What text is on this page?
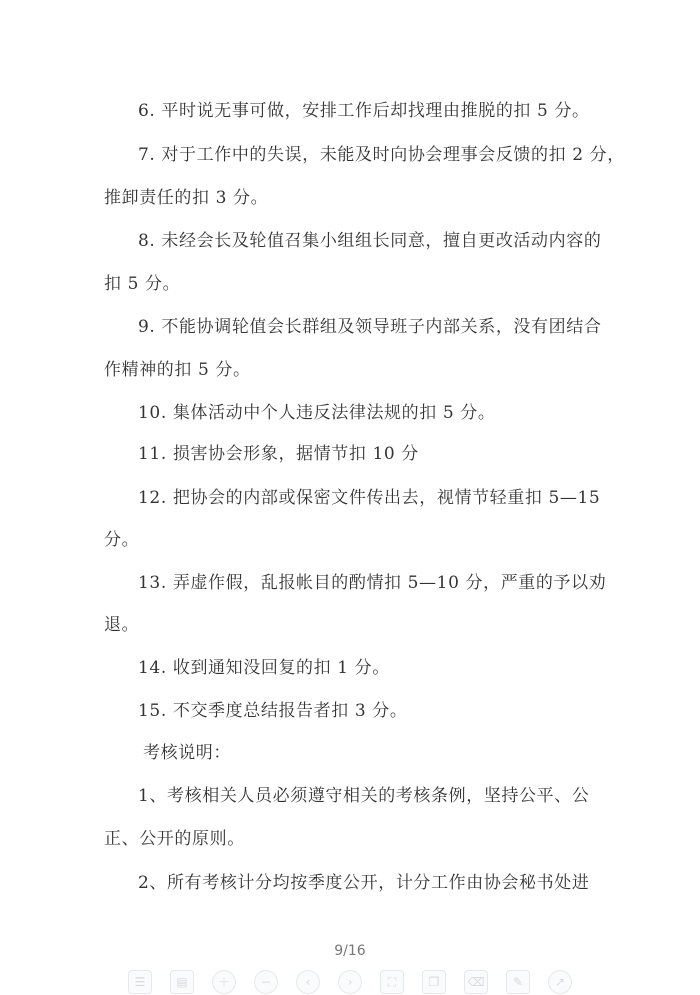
6. 平时说无事可做，安排工作后却找理由推脱的扣 5 分。
7. 对于工作中的失误，未能及时向协会理事会反馈的扣 2 分，
推卸责任的扣 3 分。
8. 未经会长及轮值召集小组组长同意，擅自更改活动内容的
扣 5 分。
9. 不能协调轮值会长群组及领导班子内部关系，没有团结合
作精神的扣 5 分。
10. 集体活动中个人违反法律法规的扣 5 分。
11. 损害协会形象，据情节扣 10 分
12. 把协会的内部或保密文件传出去，视情节轻重扣 5—15
分。
13. 弄虚作假，乱报帐目的酌情扣 5—10 分，严重的予以劝
退。
14. 收到通知没回复的扣 1 分。
15. 不交季度总结报告者扣 3 分。
考核说明：
1、考核相关人员必须遵守相关的考核条例，坚持公平、公
正、公开的原则。
2、所有考核计分均按季度公开，计分工作由协会秘书处进
9/16
☰	▤	＋	−	‹	›	⛶	❐	⌫	✎	↗
